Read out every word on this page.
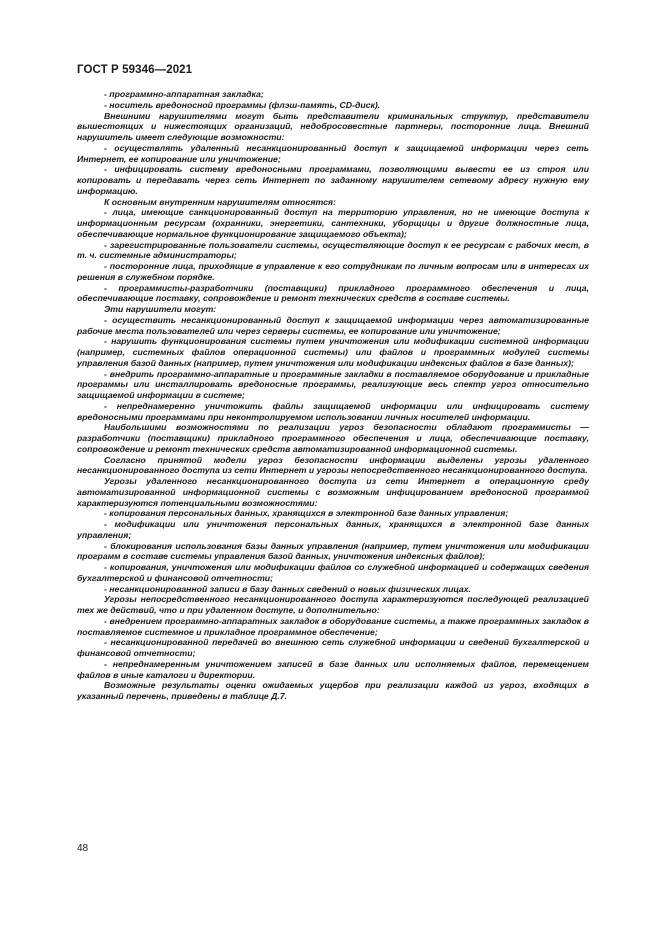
ГОСТ Р 59346—2021

- программно-аппаратная закладка;

- носитель вредоносной программы (флэш-память, CD-диск).

Внешними нарушителями могут быть представители криминальных структур, представители вышестоящих и нижестоящих организаций, недобросовестные партнеры, посторонние лица. Внешний нарушитель имеет следующие возможности:

- осуществлять удаленный несанкционированный доступ к защищаемой информации через сеть Интернет, ее копирование или уничтожение;

- инфицировать систему вредоносными программами, позволяющими вывести ее из строя или копировать и передавать через сеть Интернет по заданному нарушителем сетевому адресу нужную ему информацию.

К основным внутренним нарушителям относятся:

- лица, имеющие санкционированный доступ на территорию управления, но не имеющие доступа к информационным ресурсам (охранники, энергетики, сантехники, уборщицы и другие должностные лица, обеспечивающие нормальное функционирование защищаемого объекта);

- зарегистрированные пользователи системы, осуществляющие доступ к ее ресурсам с рабочих мест, в т. ч. системные администраторы;

- посторонние лица, приходящие в управление к его сотрудникам по личным вопросам или в интересах их решения в служебном порядке.

- программисты-разработчики (поставщики) прикладного программного обеспечения и лица, обеспечивающие поставку, сопровождение и ремонт технических средств в составе системы.

Эти нарушители могут:

- осуществить несанкционированный доступ к защищаемой информации через автоматизированные рабочие места пользователей или через серверы системы, ее копирование или уничтожение;

- нарушить функционирования системы путем уничтожения или модификации системной информации (например, системных файлов операционной системы) или файлов и программных модулей системы управления базой данных (например, путем уничтожения или модификации индексных файлов в базе данных);

- внедрить программно-аппаратные и программные закладки в поставляемое оборудование и прикладные программы или инсталлировать вредоносные программы, реализующие весь спектр угроз относительно защищаемой информации в системе;

- непреднамеренно уничтожить файлы защищаемой информации или инфицировать систему вредоносными программами при неконтролируемом использовании личных носителей информации.

Наибольшими возможностями по реализации угроз безопасности обладают программисты — разработчики (поставщики) прикладного программного обеспечения и лица, обеспечивающие поставку, сопровождение и ремонт технических средств автоматизированной информационной системы.

Согласно принятой модели угроз безопасности информации выделены угрозы удаленного несанкционированного доступа из сети Интернет и угрозы непосредственного несанкционированного доступа.

Угрозы удаленного несанкционированного доступа из сети Интернет в операционную среду автоматизированной информационной системы с возможным инфицированием вредоносной программой характеризуются потенциальными возможностями:

- копирования персональных данных, хранящихся в электронной базе данных управления;

- модификации или уничтожения персональных данных, хранящихся в электронной базе данных управления;

- блокирования использования базы данных управления (например, путем уничтожения или модификации программ в составе системы управления базой данных, уничтожения индексных файлов);

- копирования, уничтожения или модификации файлов со служебной информацией и содержащих сведения бухгалтерской и финансовой отчетности;

- несанкционированной записи в базу данных сведений о новых физических лицах.

Угрозы непосредственного несанкционированного доступа характеризуются последующей реализацией тех же действий, что и при удаленном доступе, и дополнительно:

- внедрением программно-аппаратных закладок в оборудование системы, а также программных закладок в поставляемое системное и прикладное программное обеспечение;

- несанкционированной передачей во внешнюю сеть служебной информации и сведений бухгалтерской и финансовой отчетности;

- непреднамеренным уничтожением записей в базе данных или исполняемых файлов, перемещением файлов в иные каталоги и директории.

Возможные результаты оценки ожидаемых ущербов при реализации каждой из угроз, входящих в указанный перечень, приведены в таблице Д.7.

48
